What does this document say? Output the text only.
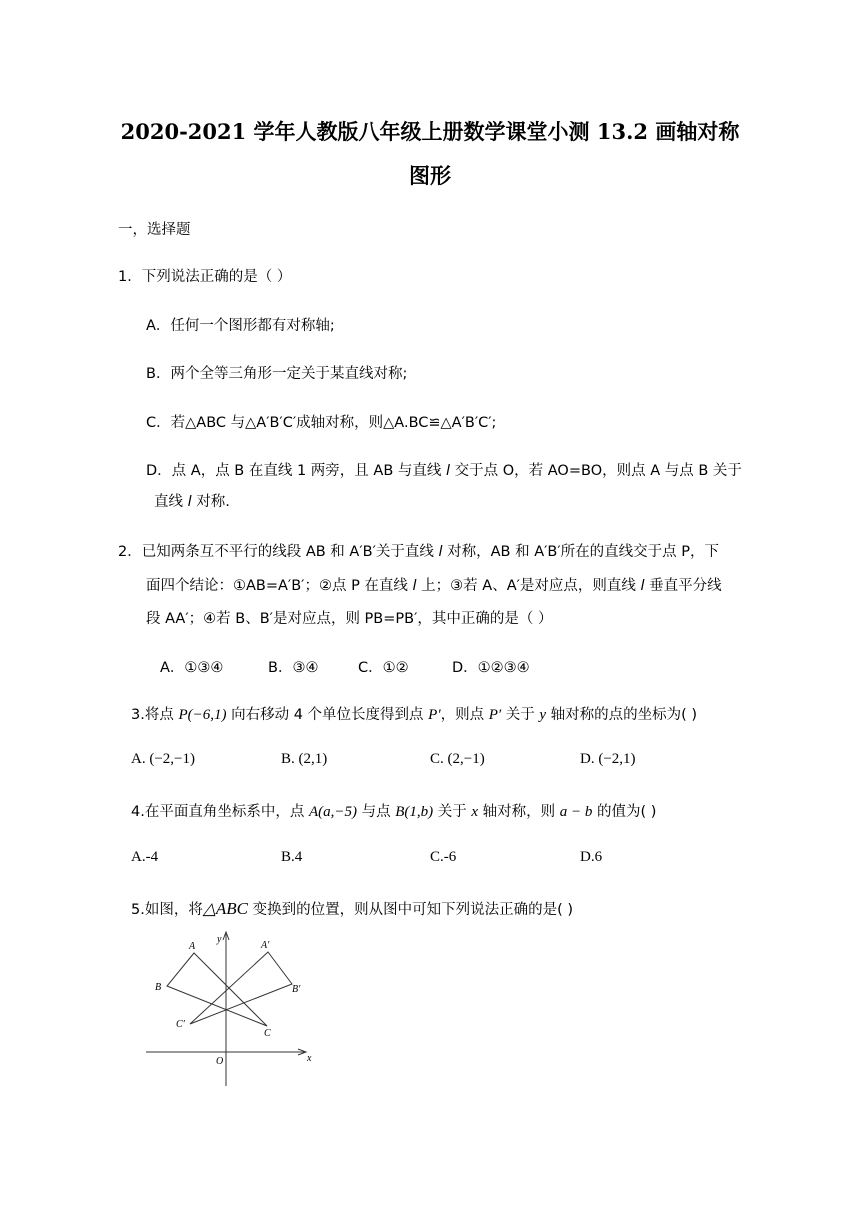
2020-2021 学年人教版八年级上册数学课堂小测 13.2 画轴对称
图形
一，选择题
1．下列说法正确的是（ ）
A．任何一个图形都有对称轴;
B．两个全等三角形一定关于某直线对称;
C．若△ABC 与△A′B′C′成轴对称，则△A.BC≌△A′B′C′;
D．点 A，点 B 在直线 1 两旁，且 AB 与直线 l 交于点 O，若 AO=BO，则点 A 与点 B 关于
直线 l 对称.
2．已知两条互不平行的线段 AB 和 A′B′关于直线 l 对称，AB 和 A′B′所在的直线交于点 P，下
面四个结论：①AB=A′B′；②点 P 在直线 l 上；③若 A、A′是对应点，则直线 l 垂直平分线
段 AA′；④若 B、B′是对应点，则 PB=PB′，其中正确的是（ ）
A．①③④	B．③④	C．①②	D．①②③④
3.将点 P(−6,1) 向右移动 4 个单位长度得到点 P′，则点 P′ 关于 y 轴对称的点的坐标为( )
A. (−2,−1)	B. (2,1)	C. (2,−1)	D. (−2,1)
4.在平面直角坐标系中，点 A(a,−5) 与点 B(1,b) 关于 x 轴对称，则 a − b 的值为( )
A.-4	B.4	C.-6	D.6
5.如图，将△ABC 变换到的位置，则从图中可知下列说法正确的是( )
y
x
O
A	A′
B	B′
C
C′
